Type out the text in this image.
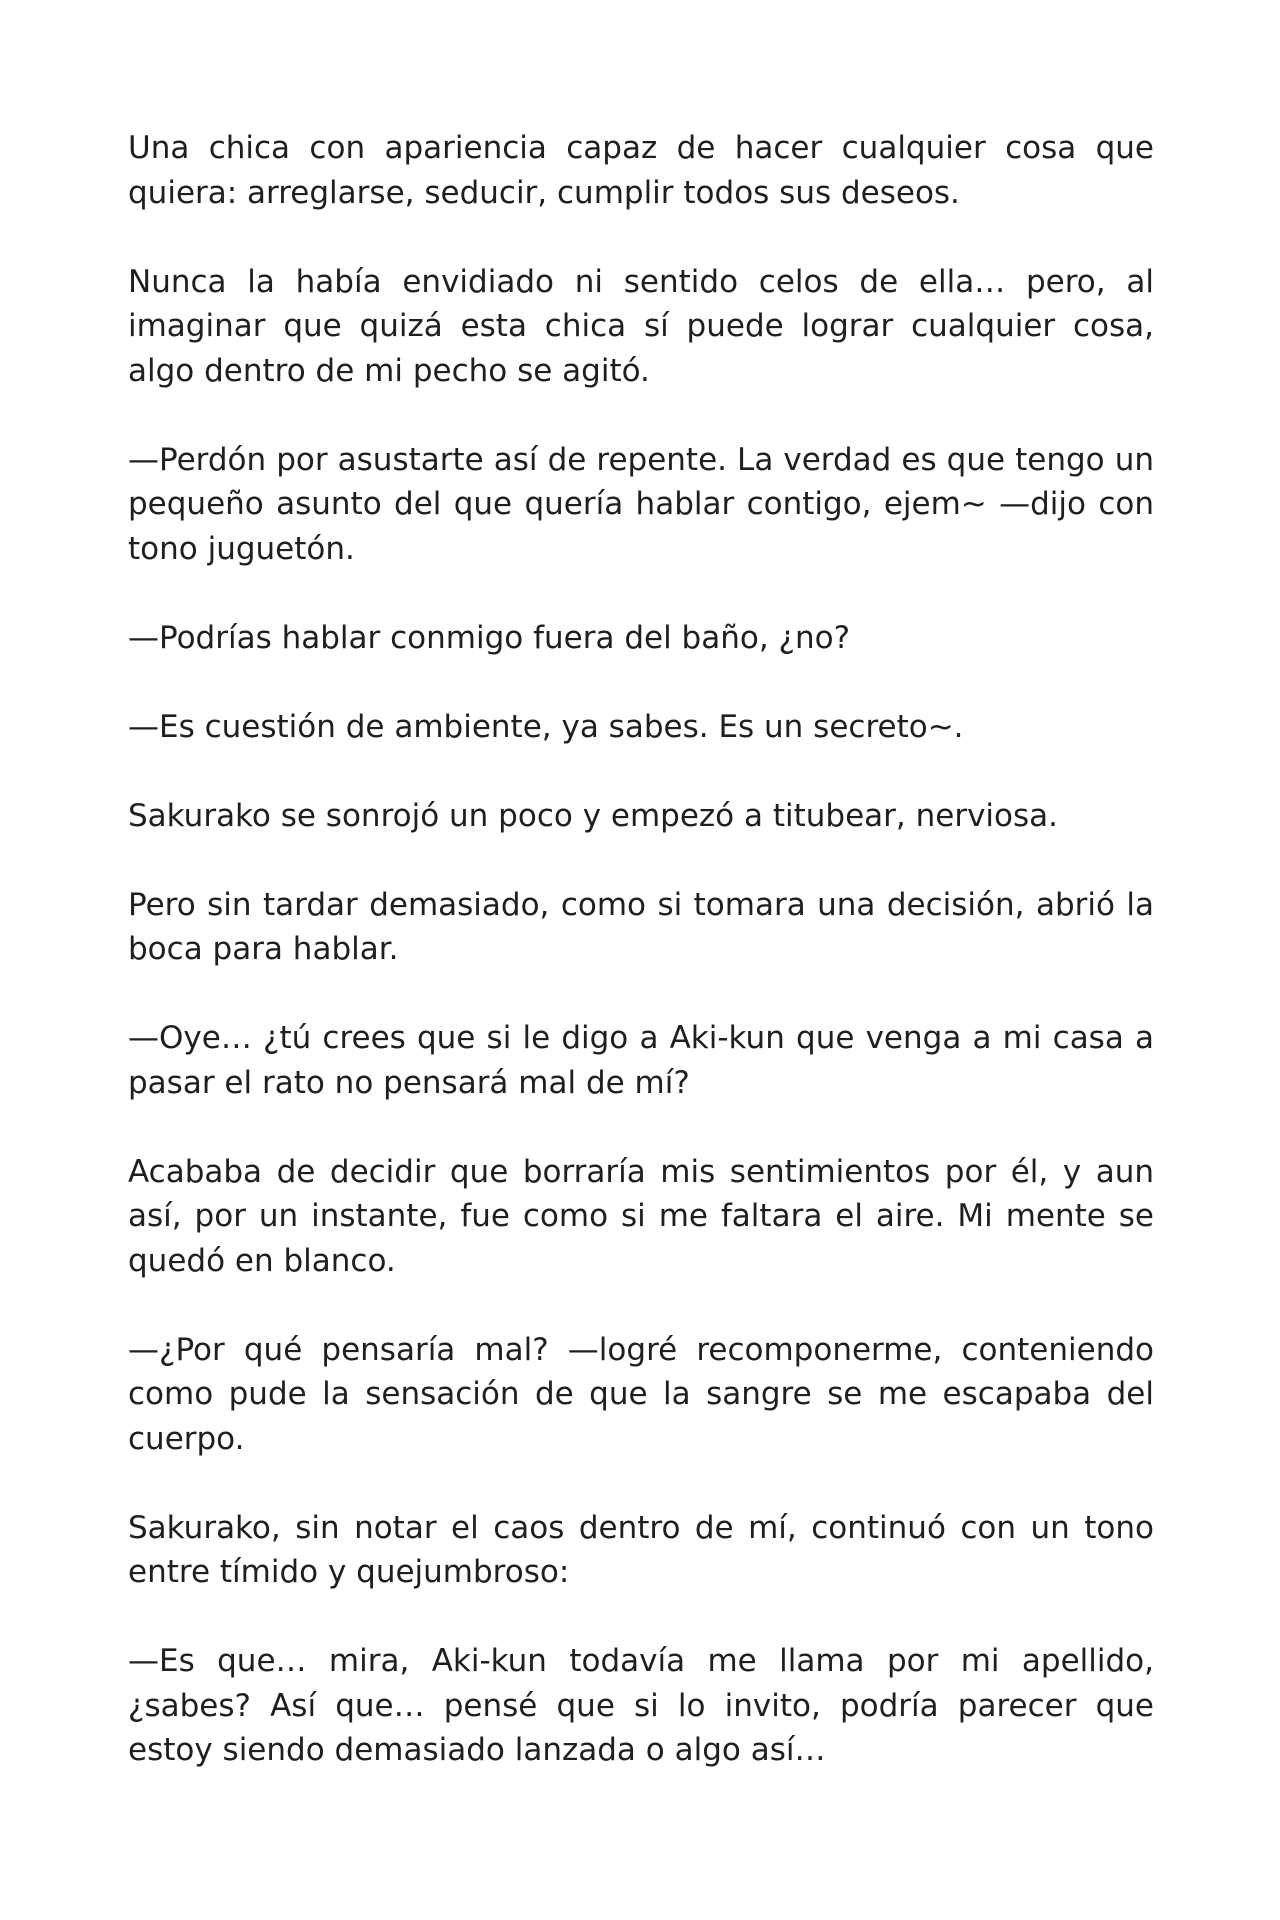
Una chica con apariencia capaz de hacer cualquier cosa que quiera: arreglarse, seducir, cumplir todos sus deseos.

Nunca la había envidiado ni sentido celos de ella… pero, al imaginar que quizá esta chica sí puede lograr cualquier cosa, algo dentro de mi pecho se agitó.

—Perdón por asustarte así de repente. La verdad es que tengo un pequeño asunto del que quería hablar contigo, ejem~ —dijo con tono juguetón.

—Podrías hablar conmigo fuera del baño, ¿no?

—Es cuestión de ambiente, ya sabes. Es un secreto~.

Sakurako se sonrojó un poco y empezó a titubear, nerviosa.

Pero sin tardar demasiado, como si tomara una decisión, abrió la boca para hablar.

—Oye… ¿tú crees que si le digo a Aki-kun que venga a mi casa a pasar el rato no pensará mal de mí?

Acababa de decidir que borraría mis sentimientos por él, y aun así, por un instante, fue como si me faltara el aire. Mi mente se quedó en blanco.

—¿Por qué pensaría mal? —logré recomponerme, conteniendo como pude la sensación de que la sangre se me escapaba del cuerpo.

Sakurako, sin notar el caos dentro de mí, continuó con un tono entre tímido y quejumbroso:

—Es que… mira, Aki-kun todavía me llama por mi apellido, ¿sabes? Así que… pensé que si lo invito, podría parecer que estoy siendo demasiado lanzada o algo así…
